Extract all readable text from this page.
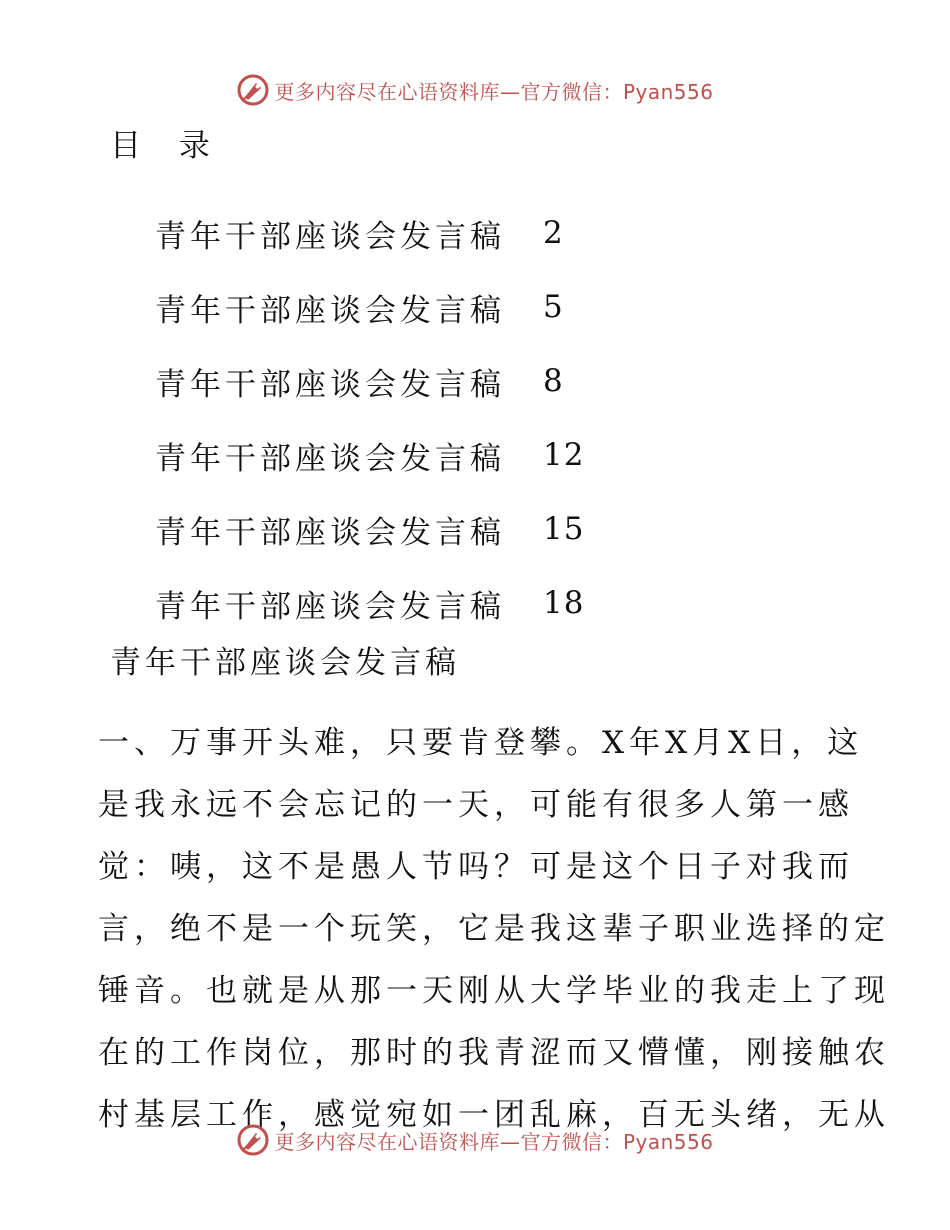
更多内容尽在心语资料库—官方微信：Pyan556
目 录
青年干部座谈会发言稿	2
青年干部座谈会发言稿	5
青年干部座谈会发言稿	8
青年干部座谈会发言稿	12
青年干部座谈会发言稿	15
青年干部座谈会发言稿	18
青年干部座谈会发言稿

一、万事开头难，只要肯登攀。X年X月X日，这
是我永远不会忘记的一天，可能有很多人第一感
觉：咦，这不是愚人节吗？可是这个日子对我而
言，绝不是一个玩笑，它是我这辈子职业选择的定
锤音。也就是从那一天刚从大学毕业的我走上了现
在的工作岗位，那时的我青涩而又懵懂，刚接触农
村基层工作，感觉宛如一团乱麻，百无头绪，无从

更多内容尽在心语资料库—官方微信：Pyan556
